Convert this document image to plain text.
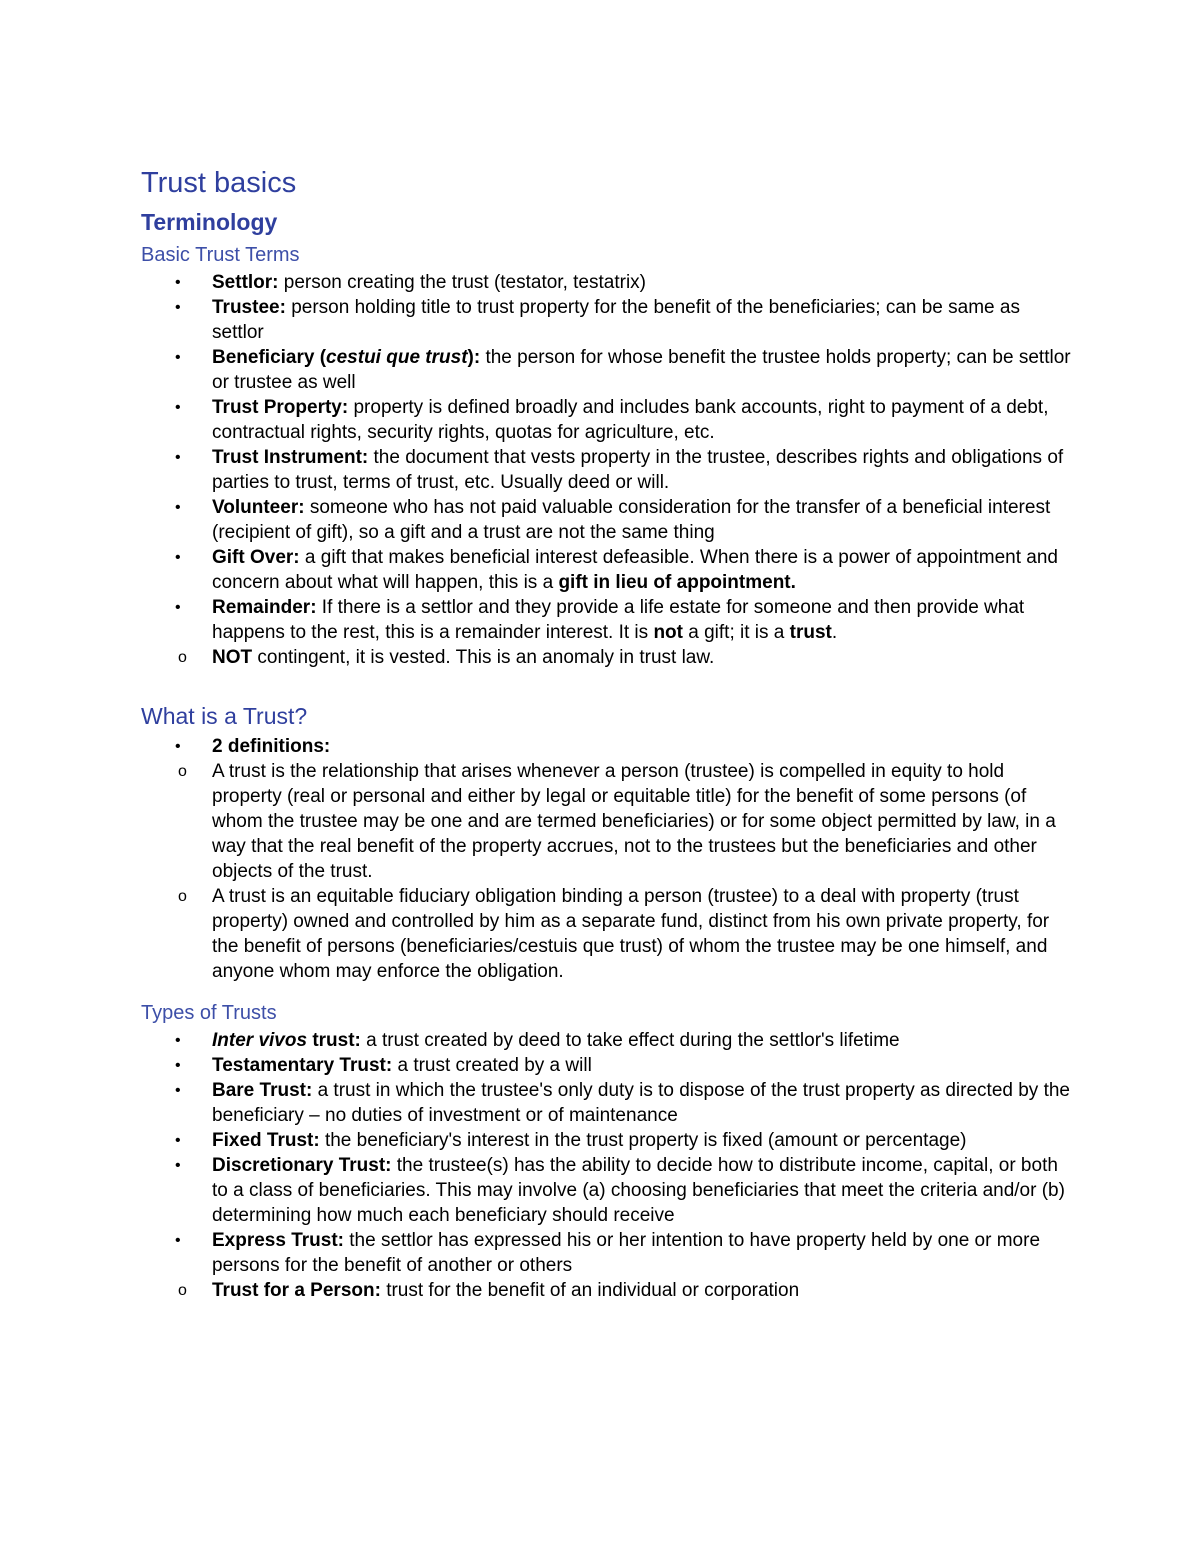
Trust basics
Terminology
Basic Trust Terms
• Settlor: person creating the trust (testator, testatrix)
• Trustee: person holding title to trust property for the benefit of the beneficiaries; can be same as settlor
• Beneficiary (cestui que trust): the person for whose benefit the trustee holds property; can be settlor or trustee as well
• Trust Property: property is defined broadly and includes bank accounts, right to payment of a debt, contractual rights, security rights, quotas for agriculture, etc.
• Trust Instrument: the document that vests property in the trustee, describes rights and obligations of parties to trust, terms of trust, etc. Usually deed or will.
• Volunteer: someone who has not paid valuable consideration for the transfer of a beneficial interest (recipient of gift), so a gift and a trust are not the same thing
• Gift Over: a gift that makes beneficial interest defeasible. When there is a power of appointment and concern about what will happen, this is a gift in lieu of appointment.
• Remainder: If there is a settlor and they provide a life estate for someone and then provide what happens to the rest, this is a remainder interest. It is not a gift; it is a trust.
o NOT contingent, it is vested. This is an anomaly in trust law.
What is a Trust?
• 2 definitions:
o A trust is the relationship that arises whenever a person (trustee) is compelled in equity to hold property (real or personal and either by legal or equitable title) for the benefit of some persons (of whom the trustee may be one and are termed beneficiaries) or for some object permitted by law, in a way that the real benefit of the property accrues, not to the trustees but the beneficiaries and other objects of the trust.
o A trust is an equitable fiduciary obligation binding a person (trustee) to a deal with property (trust property) owned and controlled by him as a separate fund, distinct from his own private property, for the benefit of persons (beneficiaries/cestuis que trust) of whom the trustee may be one himself, and anyone whom may enforce the obligation.
Types of Trusts
• Inter vivos trust: a trust created by deed to take effect during the settlor's lifetime
• Testamentary Trust: a trust created by a will
• Bare Trust: a trust in which the trustee's only duty is to dispose of the trust property as directed by the beneficiary – no duties of investment or of maintenance
• Fixed Trust: the beneficiary's interest in the trust property is fixed (amount or percentage)
• Discretionary Trust: the trustee(s) has the ability to decide how to distribute income, capital, or both to a class of beneficiaries. This may involve (a) choosing beneficiaries that meet the criteria and/or (b) determining how much each beneficiary should receive
• Express Trust: the settlor has expressed his or her intention to have property held by one or more persons for the benefit of another or others
o Trust for a Person: trust for the benefit of an individual or corporation
